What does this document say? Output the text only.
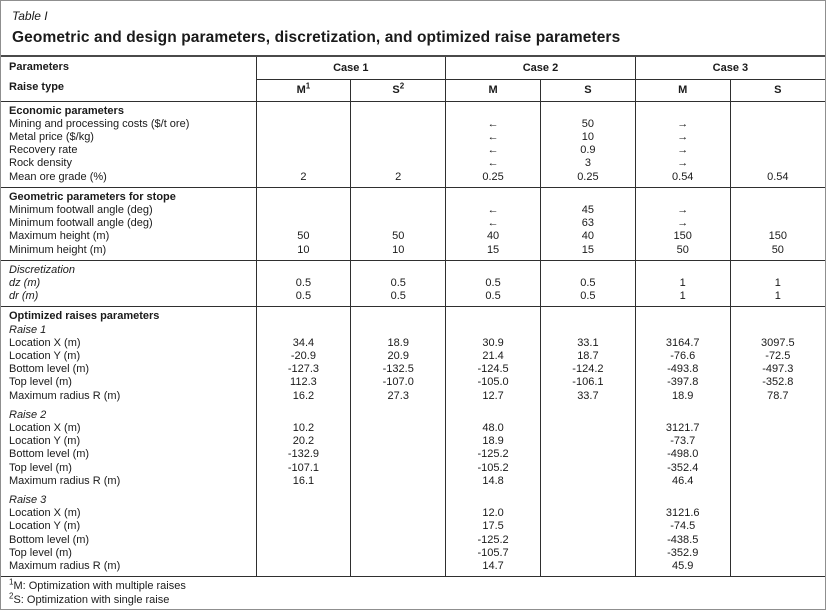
Table I
Geometric and design parameters, discretization, and optimized raise parameters
Parameters
Raise type	Case 1		Case 2		Case 3	
	$M^1$	$S^2$	M	S	M	S
Economic parameters						
Mining and processing costs ($/t ore)			←	50	→	
Metal price ($/kg)			←	10	→	
Recovery rate			←	0.9	→	
Rock density			←	3	→	
Mean ore grade (%)	2	2	0.25	0.25	0.54	0.54
Geometric parameters for stope						
Minimum footwall angle (deg)			←	45	→	
Minimum footwall angle (deg)			←	63	→	
Maximum height (m)	50	50	40	40	150	150
Minimum height (m)	10	10	15	15	50	50
Discretization						
dz (m)	0.5	0.5	0.5	0.5	1	1
dr (m)	0.5	0.5	0.5	0.5	1	1
Optimized raises parameters						
Raise 1						
Location X (m)	34.4	18.9	30.9	33.1	3164.7	3097.5
Location Y (m)	-20.9	20.9	21.4	18.7	-76.6	-72.5
Bottom level (m)	-127.3	-132.5	-124.5	-124.2	-493.8	-497.3
Top level (m)	112.3	-107.0	-105.0	-106.1	-397.8	-352.8
Maximum radius R (m)	16.2	27.3	12.7	33.7	18.9	78.7
Raise 2						
Location X (m)	10.2		48.0		3121.7	
Location Y (m)	20.2		18.9		-73.7	
Bottom level (m)	-132.9		-125.2		-498.0	
Top level (m)	-107.1		-105.2		-352.4	
Maximum radius R (m)	16.1		14.8		46.4	
Raise 3						
Location X (m)			12.0		3121.6	
Location Y (m)			17.5		-74.5	
Bottom level (m)			-125.2		-438.5	
Top level (m)			-105.7		-352.9	
Maximum radius R (m)			14.7		45.9	
$^1$M: Optimization with multiple raises
$^2$S: Optimization with single raise
